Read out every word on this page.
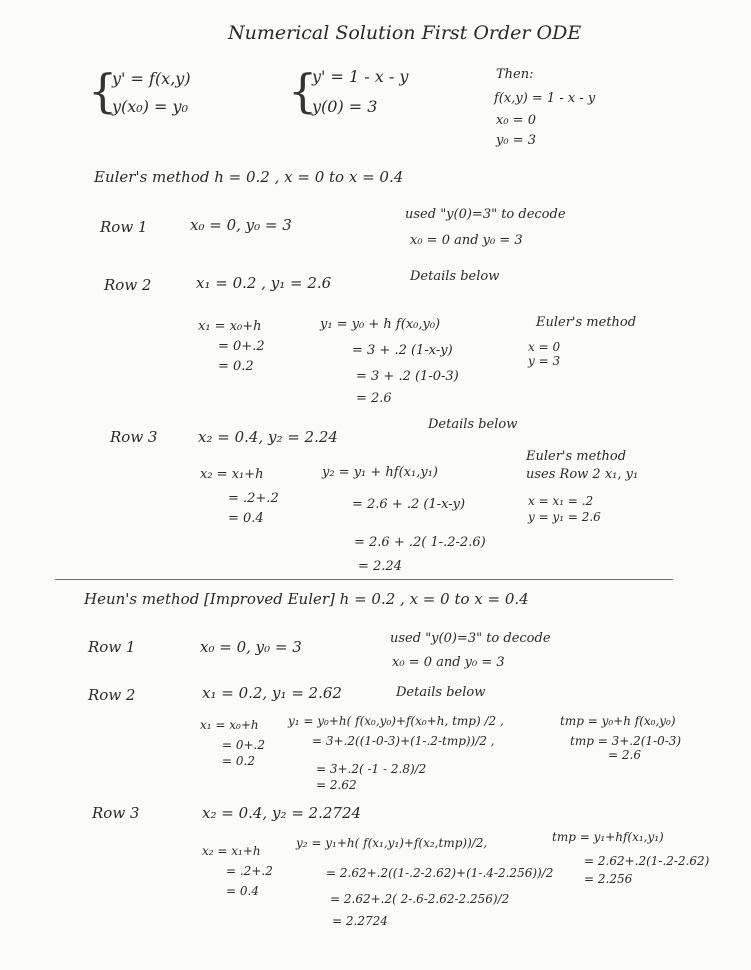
Numerical Solution First Order ODE
{
y' = f(x,y)
y(x₀) = y₀ {
y' = 1 - x - y
y(0) = 3
Then:
f(x,y) = 1 - x - y
x₀ = 0
y₀ = 3
Euler's method h = 0.2 , x = 0 to x = 0.4
Row 1	x₀ = 0, y₀ = 3
used "y(0)=3" to decode
x₀ = 0 and y₀ = 3
Row 2	x₁ = 0.2 , y₁ = 2.6	Details below
x₁ = x₀+h
= 0+.2
= 0.2
y₁ = y₀ + h f(x₀,y₀)
= 3 + .2 (1-x-y)
= 3 + .2 (1-0-3)
= 2.6
Euler's method
x = 0
y = 3
Row 3	x₂ = 0.4, y₂ = 2.24
Details below
x₂ = x₁+h
= .2+.2
= 0.4
y₂ = y₁ + hf(x₁,y₁)
= 2.6 + .2 (1-x-y)
= 2.6 + .2( 1-.2-2.6)
= 2.24
Euler's method
uses Row 2 x₁, y₁
x = x₁ = .2
y = y₁ = 2.6
Heun's method [Improved Euler] h = 0.2 , x = 0 to x = 0.4
Row 1	x₀ = 0, y₀ = 3	used "y(0)=3" to decode
x₀ = 0 and y₀ = 3
Row 2	x₁ = 0.2, y₁ = 2.62	Details below
x₁ = x₀+h
= 0+.2
= 0.2
y₁ = y₀+h( f(x₀,y₀)+f(x₀+h, tmp) /2 ,
= 3+.2((1-0-3)+(1-.2-tmp))/2 ,
= 3+.2( -1 - 2.8)/2
= 2.62
tmp = y₀+h f(x₀,y₀)
tmp = 3+.2(1-0-3)
= 2.6
Row 3	x₂ = 0.4, y₂ = 2.2724
x₂ = x₁+h
= .2+.2
= 0.4
y₂ = y₁+h( f(x₁,y₁)+f(x₂,tmp))/2,
= 2.62+.2((1-.2-2.62)+(1-.4-2.256))/2
= 2.62+.2( 2-.6-2.62-2.256)/2
= 2.2724
tmp = y₁+hf(x₁,y₁)
= 2.62+.2(1-.2-2.62)
= 2.256
